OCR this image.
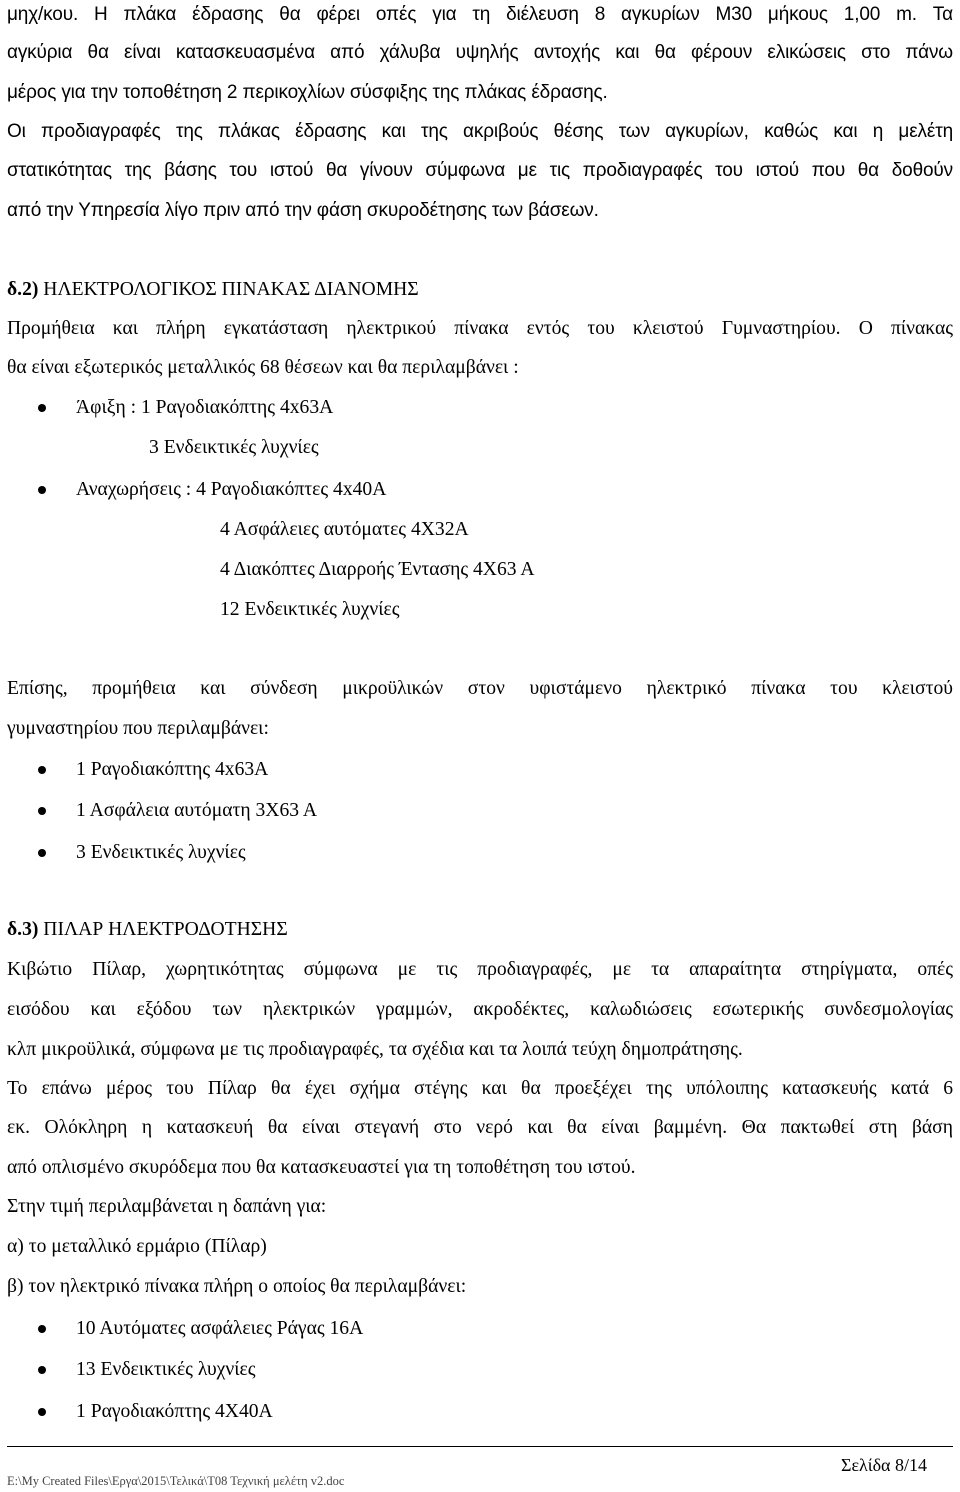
μηχ/κου. Η πλάκα έδρασης θα φέρει οπές για τη διέλευση 8 αγκυρίων Μ30 μήκους 1,00 m. Τα
αγκύρια θα είναι κατασκευασμένα από χάλυβα υψηλής αντοχής και θα φέρουν ελικώσεις στο πάνω
μέρος για την τοποθέτηση 2 περικοχλίων σύσφιξης της πλάκας έδρασης.
Οι προδιαγραφές της πλάκας έδρασης και της ακριβούς θέσης των αγκυρίων, καθώς και η μελέτη
στατικότητας της βάσης του ιστού θα γίνουν σύμφωνα με τις προδιαγραφές του ιστού που θα δοθούν
από την Υπηρεσία λίγο πριν από την φάση σκυροδέτησης των βάσεων.
δ.2) ΗΛΕΚΤΡΟΛΟΓΙΚΟΣ ΠΙΝΑΚΑΣ ΔΙΑΝΟΜΗΣ
Προμήθεια και πλήρη εγκατάσταση ηλεκτρικού πίνακα εντός του κλειστού Γυμναστηρίου. Ο πίνακας
θα είναι εξωτερικός μεταλλικός 68 θέσεων και θα περιλαμβάνει :
Άφιξη : 1 Ραγοδιακόπτης 4x63A
3 Ενδεικτικές λυχνίες
Αναχωρήσεις : 4 Ραγοδιακόπτες 4x40A
4 Ασφάλειες αυτόματες 4Χ32Α
4 Διακόπτες Διαρροής Έντασης 4Χ63 Α
12 Ενδεικτικές λυχνίες
Επίσης, προμήθεια και σύνδεση μικροϋλικών στον υφιστάμενο ηλεκτρικό πίνακα του κλειστού
γυμναστηρίου που περιλαμβάνει:
1 Ραγοδιακόπτης 4x63A
1 Ασφάλεια αυτόματη 3Χ63 Α
3 Ενδεικτικές λυχνίες
δ.3) ΠΙΛΑΡ ΗΛΕΚΤΡΟΔΟΤΗΣΗΣ
Κιβώτιο Πίλαρ, χωρητικότητας σύμφωνα με τις προδιαγραφές, με τα απαραίτητα στηρίγματα, οπές
εισόδου και εξόδου των ηλεκτρικών γραμμών, ακροδέκτες, καλωδιώσεις εσωτερικής συνδεσμολογίας
κλπ μικροϋλικά, σύμφωνα με τις προδιαγραφές, τα σχέδια και τα λοιπά τεύχη δημοπράτησης.
Το επάνω μέρος του Πίλαρ θα έχει σχήμα στέγης και θα προεξέχει της υπόλοιπης κατασκευής κατά 6
εκ. Ολόκληρη η κατασκευή θα είναι στεγανή στο νερό και θα είναι βαμμένη. Θα πακτωθεί στη βάση
από οπλισμένο σκυρόδεμα που θα κατασκευαστεί για τη τοποθέτηση του ιστού.
Στην τιμή περιλαμβάνεται η δαπάνη για:
α) το μεταλλικό ερμάριο (Πίλαρ)
β) τον ηλεκτρικό πίνακα πλήρη ο οποίος θα περιλαμβάνει:
10 Αυτόματες ασφάλειες Ράγας 16Α
13 Ενδεικτικές λυχνίες
1 Ραγοδιακόπτης 4Χ40Α
Σελίδα 8/14
E:\My Created Files\Εργα\2015\Τελικά\Τ08 Τεχνική μελέτη v2.doc
